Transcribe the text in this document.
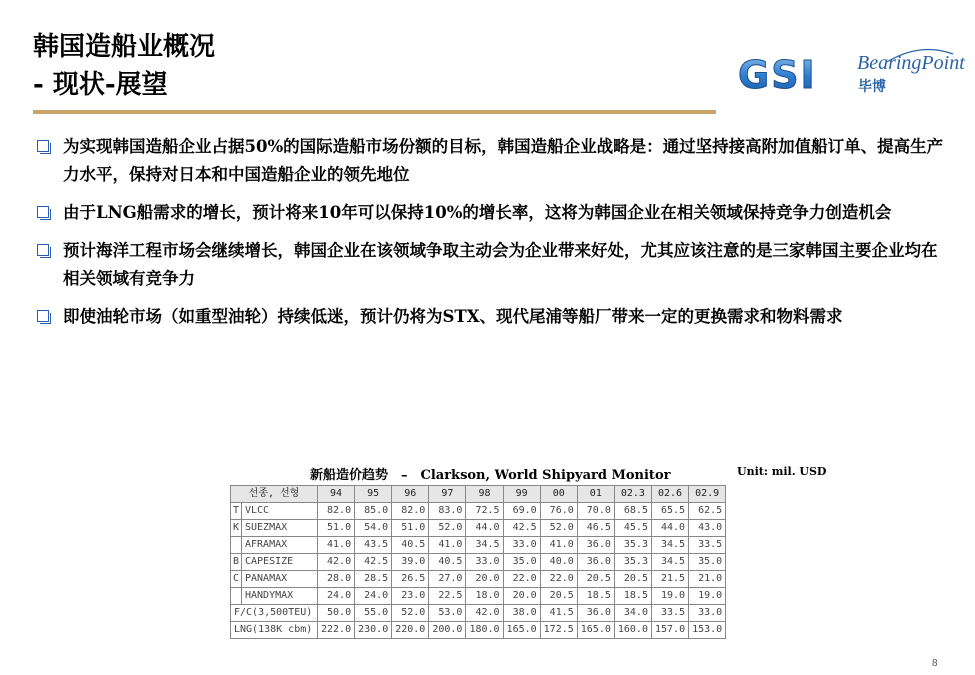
韩国造船业概况
- 现状-展望	GSI BearingPoint
毕博
为实现韩国造船企业占据50%的国际造船市场份额的目标，韩国造船企业战略是：通过坚持接高附加值船订单、提高生产力水平，保持对日本和中国造船企业的领先地位
由于LNG船需求的增长，预计将来10年可以保持10%的增长率，这将为韩国企业在相关领域保持竞争力创造机会
预计海洋工程市场会继续增长，韩国企业在该领域争取主动会为企业带来好处，尤其应该注意的是三家韩国主要企业均在相关领域有竞争力
即使油轮市场（如重型油轮）持续低迷，预计仍将为STX、现代尾浦等船厂带来一定的更换需求和物料需求
新船造价趋势　–　Clarkson, World Shipyard Monitor	Unit: mil. USD
선종, 선형		94	95	96	97	98	99	00	01	02.3	02.6	02.9
T	VLCC	82.0	85.0	82.0	83.0	72.5	69.0	76.0	70.0	68.5	65.5	62.5
K	SUEZMAX	51.0	54.0	51.0	52.0	44.0	42.5	52.0	46.5	45.5	44.0	43.0
	AFRAMAX	41.0	43.5	40.5	41.0	34.5	33.0	41.0	36.0	35.3	34.5	33.5
B	CAPESIZE	42.0	42.5	39.0	40.5	33.0	35.0	40.0	36.0	35.3	34.5	35.0
C	PANAMAX	28.0	28.5	26.5	27.0	20.0	22.0	22.0	20.5	20.5	21.5	21.0
	HANDYMAX	24.0	24.0	23.0	22.5	18.0	20.0	20.5	18.5	18.5	19.0	19.0
F/C(3,500TEU)		50.0	55.0	52.0	53.0	42.0	38.0	41.5	36.0	34.0	33.5	33.0
LNG(138K cbm)		222.0	230.0	220.0	200.0	180.0	165.0	172.5	165.0	160.0	157.0	153.0
8
